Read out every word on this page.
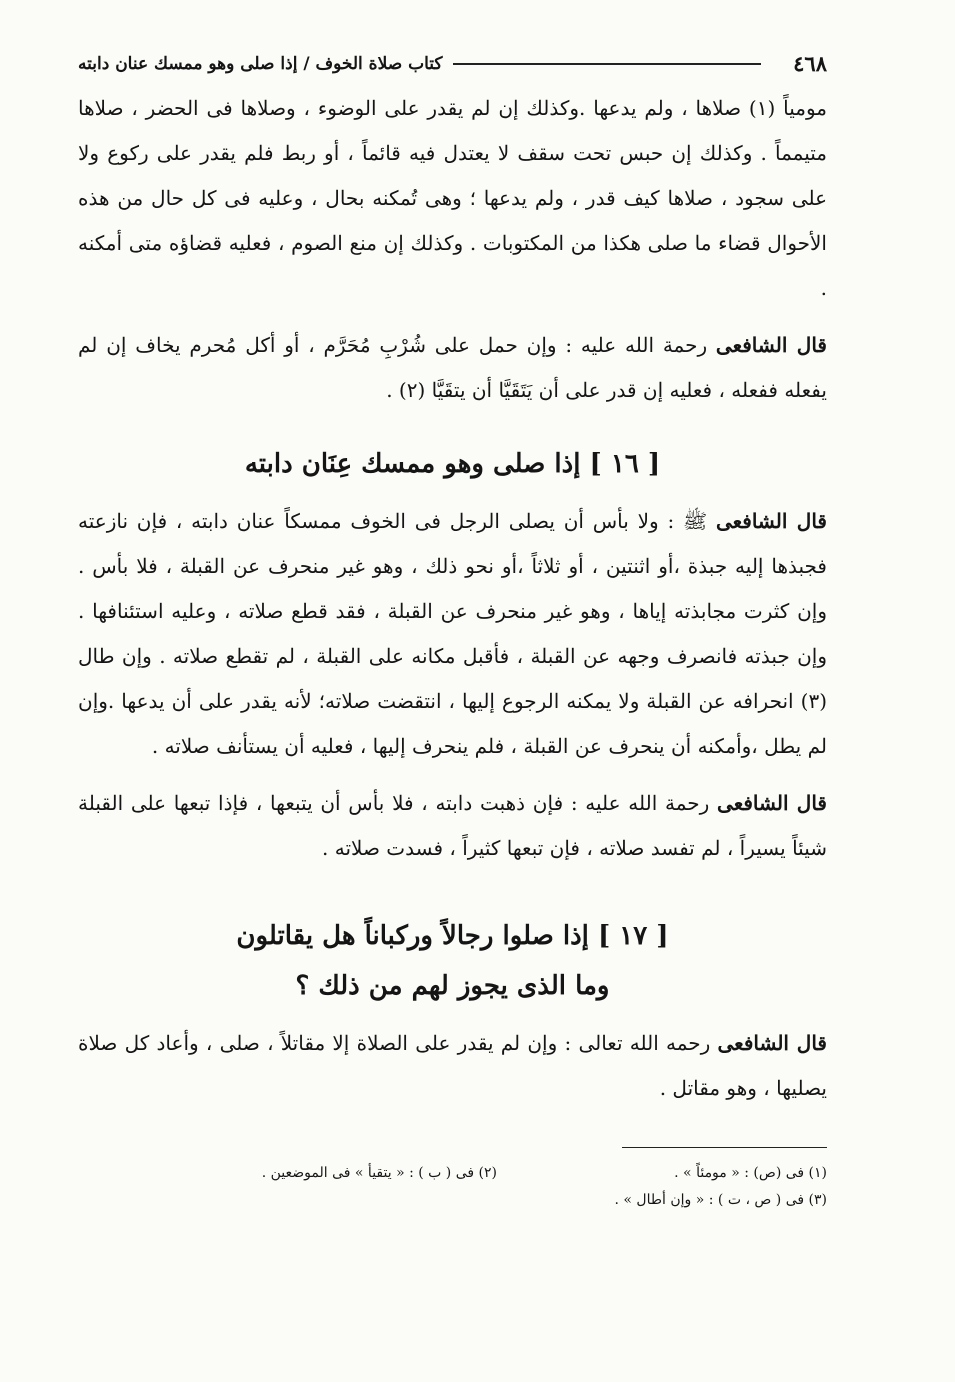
٤٦٨
كتاب صلاة الخوف / إذا صلى وهو ممسك عنان دابته

مومياً (١) صلاها ، ولم يدعها .وكذلك إن لم يقدر على الوضوء ، وصلاها فى الحضر ، صلاها متيمماً . وكذلك إن حبس تحت سقف لا يعتدل فيه قائماً ، أو ربط فلم يقدر على ركوع ولا على سجود ، صلاها كيف قدر ، ولم يدعها ؛ وهى تُمكنه بحال ، وعليه فى كل حال من هذه الأحوال قضاء ما صلى هكذا من المكتوبات . وكذلك إن منع الصوم ، فعليه قضاؤه متى أمكنه .

قال الشافعى رحمة الله عليه : وإن حمل على شُرْبِ مُحَرَّم ، أو أكل مُحرم يخاف إن لم يفعله ففعله ، فعليه إن قدر على أن يَتَقَيَّا أن يتقَيَّا (٢) .

[ ١٦ ] إذا صلى وهو ممسك عِنَان دابته

قال الشافعى ﷺ : ولا بأس أن يصلى الرجل فى الخوف ممسكاً عنان دابته ، فإن نازعته فجبذها إليه جبذة ،أو اثنتين ، أو ثلاثاً ،أو نحو ذلك ، وهو غير منحرف عن القبلة ، فلا بأس . وإن كثرت مجابذته إياها ، وهو غير منحرف عن القبلة ، فقد قطع صلاته ، وعليه استئنافها . وإن جبذته فانصرف وجهه عن القبلة ، فأقبل مكانه على القبلة ، لم تقطع صلاته . وإن طال (٣) انحرافه عن القبلة ولا يمكنه الرجوع إليها ، انتقضت صلاته؛ لأنه يقدر على أن يدعها .وإن لم يطل ،وأمكنه أن ينحرف عن القبلة ، فلم ينحرف إليها ، فعليه أن يستأنف صلاته .

قال الشافعى رحمة الله عليه : فإن ذهبت دابته ، فلا بأس أن يتبعها ، فإذا تبعها على القبلة شيئاً يسيراً ، لم تفسد صلاته ، فإن تبعها كثيراً ، فسدت صلاته .

[ ١٧ ] إذا صلوا رجالاً وركباناً هل يقاتلون
وما الذى يجوز لهم من ذلك ؟

قال الشافعى رحمه الله تعالى : وإن لم يقدر على الصلاة إلا مقاتلاً ، صلى ، وأعاد كل صلاة يصليها ، وهو مقاتل .

(١) فى (ص) : « مومئاً » .
(٢) فى ( ب ) : « يتقيأ » فى الموضعين .
(٣) فى ( ص ، ت ) : « وإن أطال » .
